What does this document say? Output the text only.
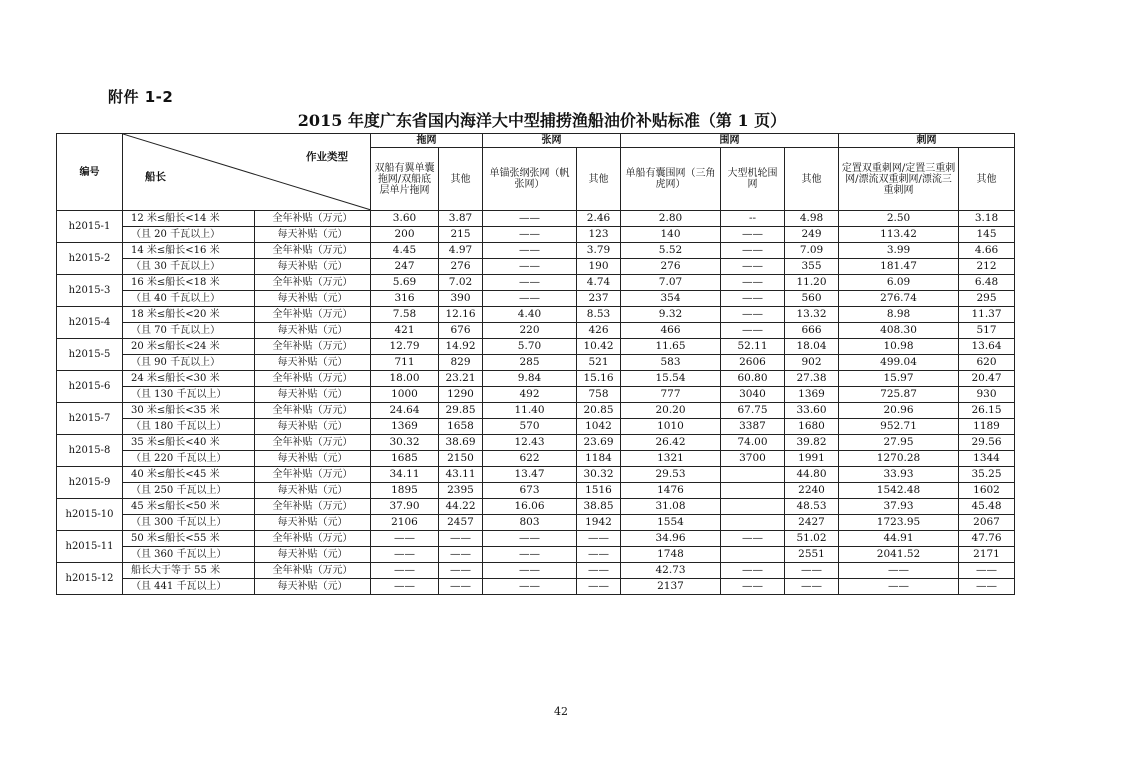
附件 1-2
2015 年度广东省国内海洋大中型捕捞渔船油价补贴标准（第 1 页）
编号	作业类型
船长		拖网		张网		围网			刺网	
			双船有翼单囊拖网/双船底层单片拖网	其他	单锚张纲张网（帆张网）	其他	单船有囊围网（三角虎网）	大型机轮围网	其他	定置双重刺网/定置三重刺网/漂流双重刺网/漂流三重刺网	其他
h2015-1	12 米≤船长<14 米	全年补贴（万元）	3.60	3.87	——	2.46	2.80	--	4.98	2.50	3.18
	（且 20 千瓦以上）	每天补贴（元）	200	215	——	123	140	——	249	113.42	145
h2015-2	14 米≤船长<16 米	全年补贴（万元）	4.45	4.97	——	3.79	5.52	——	7.09	3.99	4.66
	（且 30 千瓦以上）	每天补贴（元）	247	276	——	190	276	——	355	181.47	212
h2015-3	16 米≤船长<18 米	全年补贴（万元）	5.69	7.02	——	4.74	7.07	——	11.20	6.09	6.48
	（且 40 千瓦以上）	每天补贴（元）	316	390	——	237	354	——	560	276.74	295
h2015-4	18 米≤船长<20 米	全年补贴（万元）	7.58	12.16	4.40	8.53	9.32	——	13.32	8.98	11.37
	（且 70 千瓦以上）	每天补贴（元）	421	676	220	426	466	——	666	408.30	517
h2015-5	20 米≤船长<24 米	全年补贴（万元）	12.79	14.92	5.70	10.42	11.65	52.11	18.04	10.98	13.64
	（且 90 千瓦以上）	每天补贴（元）	711	829	285	521	583	2606	902	499.04	620
h2015-6	24 米≤船长<30 米	全年补贴（万元）	18.00	23.21	9.84	15.16	15.54	60.80	27.38	15.97	20.47
	（且 130 千瓦以上）	每天补贴（元）	1000	1290	492	758	777	3040	1369	725.87	930
h2015-7	30 米≤船长<35 米	全年补贴（万元）	24.64	29.85	11.40	20.85	20.20	67.75	33.60	20.96	26.15
	（且 180 千瓦以上）	每天补贴（元）	1369	1658	570	1042	1010	3387	1680	952.71	1189
h2015-8	35 米≤船长<40 米	全年补贴（万元）	30.32	38.69	12.43	23.69	26.42	74.00	39.82	27.95	29.56
	（且 220 千瓦以上）	每天补贴（元）	1685	2150	622	1184	1321	3700	1991	1270.28	1344
h2015-9	40 米≤船长<45 米	全年补贴（万元）	34.11	43.11	13.47	30.32	29.53		44.80	33.93	35.25
	（且 250 千瓦以上）	每天补贴（元）	1895	2395	673	1516	1476		2240	1542.48	1602
h2015-10	45 米≤船长<50 米	全年补贴（万元）	37.90	44.22	16.06	38.85	31.08		48.53	37.93	45.48
	（且 300 千瓦以上）	每天补贴（元）	2106	2457	803	1942	1554		2427	1723.95	2067
h2015-11	50 米≤船长<55 米	全年补贴（万元）	——	——	——	——	34.96	——	51.02	44.91	47.76
	（且 360 千瓦以上）	每天补贴（元）	——	——	——	——	1748		2551	2041.52	2171
h2015-12	船长大于等于 55 米	全年补贴（万元）	——	——	——	——	42.73	——	——	——	——
	（且 441 千瓦以上）	每天补贴（元）	——	——	——	——	2137	——	——	——	——
42
